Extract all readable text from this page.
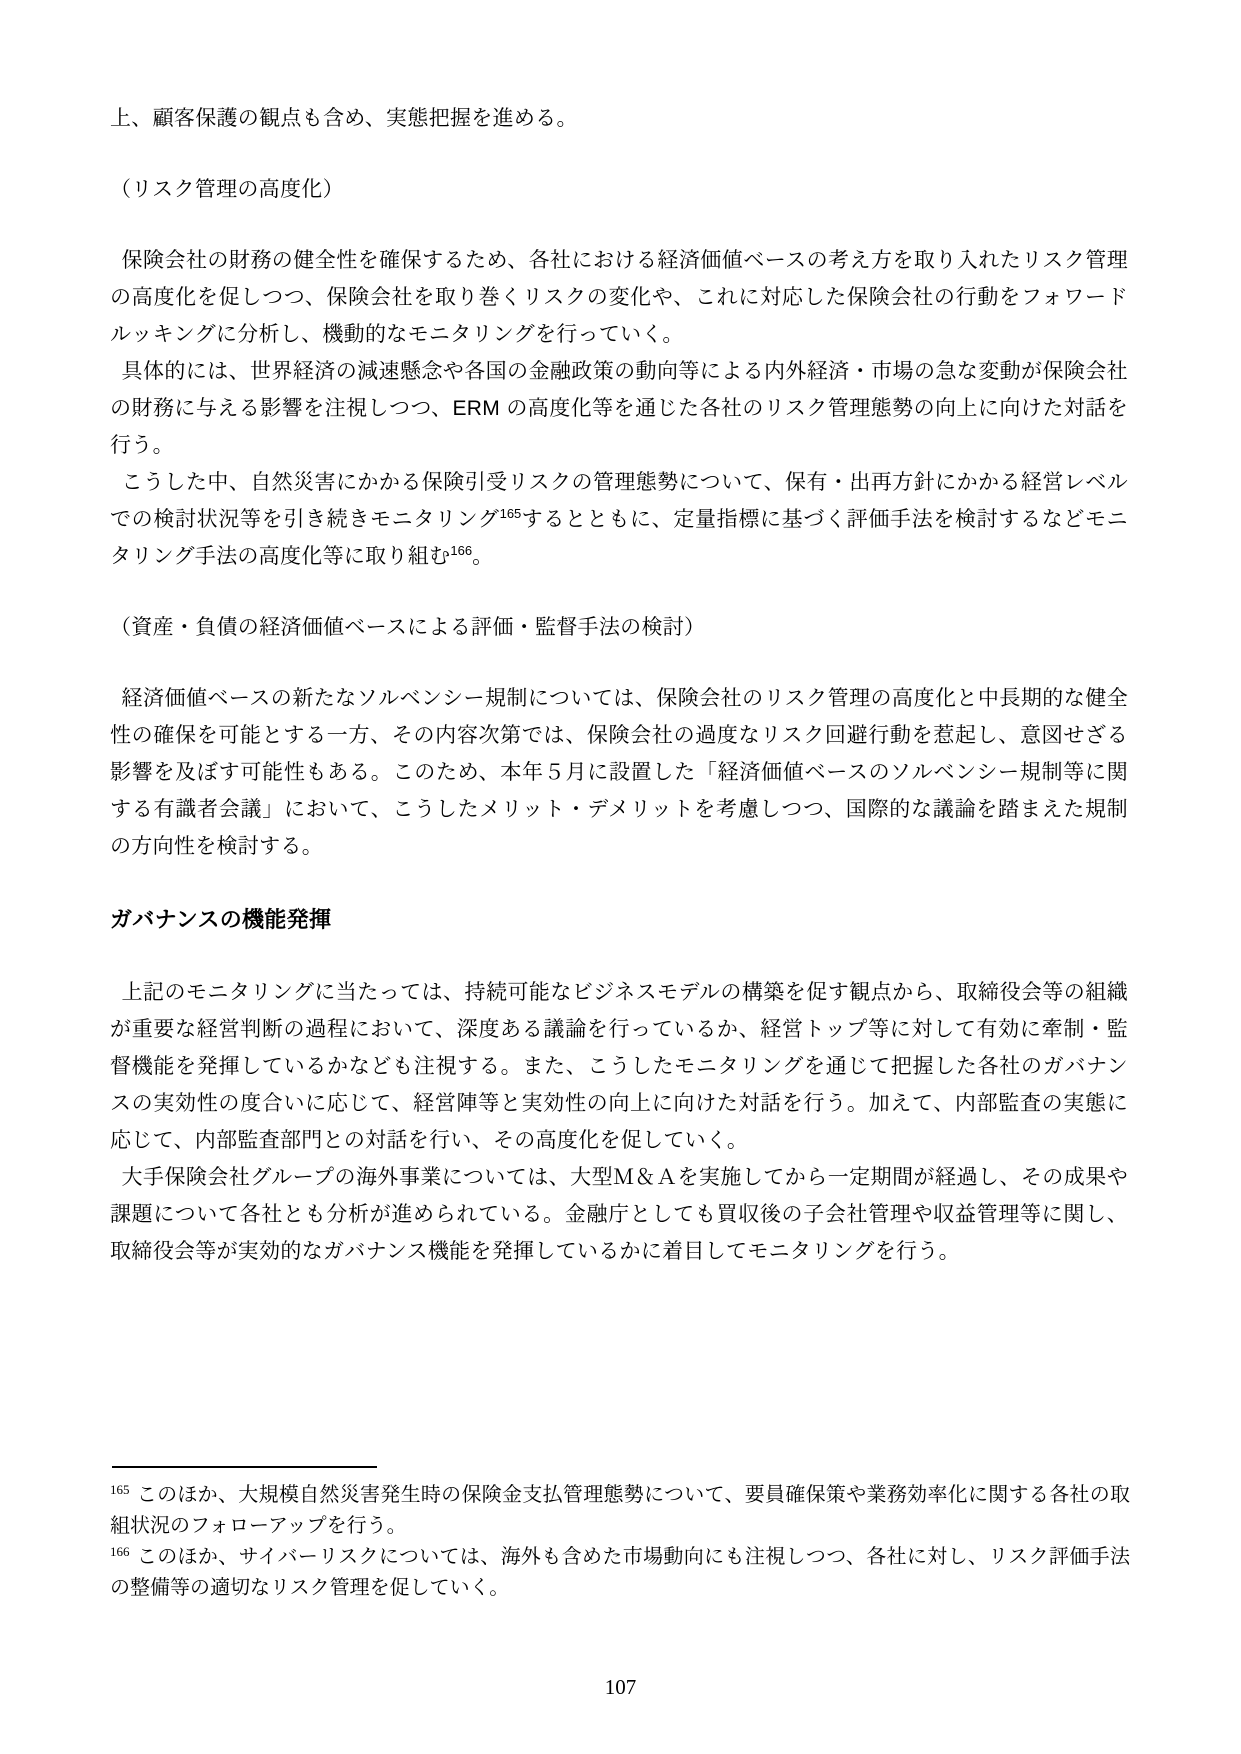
上、顧客保護の観点も含め、実態把握を進める。

（リスク管理の高度化）

保険会社の財務の健全性を確保するため、各社における経済価値ベースの考え方を取り入れたリスク管理の高度化を促しつつ、保険会社を取り巻くリスクの変化や、これに対応した保険会社の行動をフォワードルッキングに分析し、機動的なモニタリングを行っていく。

具体的には、世界経済の減速懸念や各国の金融政策の動向等による内外経済・市場の急な変動が保険会社の財務に与える影響を注視しつつ、ERM の高度化等を通じた各社のリスク管理態勢の向上に向けた対話を行う。

こうした中、自然災害にかかる保険引受リスクの管理態勢について、保有・出再方針にかかる経営レベルでの検討状況等を引き続きモニタリング$^{165}$するとともに、定量指標に基づく評価手法を検討するなどモニタリング手法の高度化等に取り組む$^{166}$。

（資産・負債の経済価値ベースによる評価・監督手法の検討）

経済価値ベースの新たなソルベンシー規制については、保険会社のリスク管理の高度化と中長期的な健全性の確保を可能とする一方、その内容次第では、保険会社の過度なリスク回避行動を惹起し、意図せざる影響を及ぼす可能性もある。このため、本年５月に設置した「経済価値ベースのソルベンシー規制等に関する有識者会議」において、こうしたメリット・デメリットを考慮しつつ、国際的な議論を踏まえた規制の方向性を検討する。

ガバナンスの機能発揮

上記のモニタリングに当たっては、持続可能なビジネスモデルの構築を促す観点から、取締役会等の組織が重要な経営判断の過程において、深度ある議論を行っているか、経営トップ等に対して有効に牽制・監督機能を発揮しているかなども注視する。また、こうしたモニタリングを通じて把握した各社のガバナンスの実効性の度合いに応じて、経営陣等と実効性の向上に向けた対話を行う。加えて、内部監査の実態に応じて、内部監査部門との対話を行い、その高度化を促していく。

大手保険会社グループの海外事業については、大型Ｍ＆Ａを実施してから一定期間が経過し、その成果や課題について各社とも分析が進められている。金融庁としても買収後の子会社管理や収益管理等に関し、取締役会等が実効的なガバナンス機能を発揮しているかに着目してモニタリングを行う。

$^{165}$ このほか、大規模自然災害発生時の保険金支払管理態勢について、要員確保策や業務効率化に関する各社の取組状況のフォローアップを行う。

$^{166}$ このほか、サイバーリスクについては、海外も含めた市場動向にも注視しつつ、各社に対し、リスク評価手法の整備等の適切なリスク管理を促していく。

107
